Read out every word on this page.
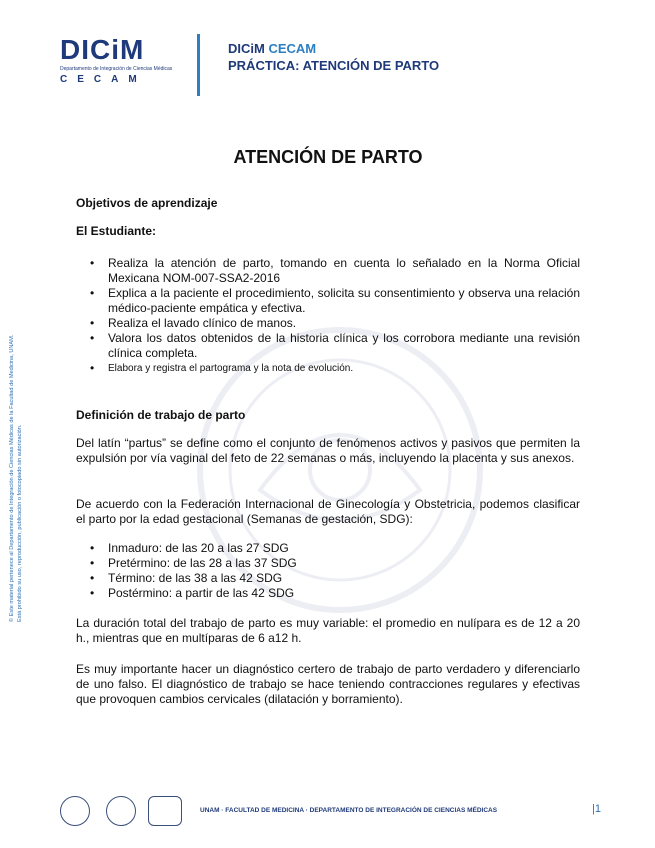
DICiM
Departamento de Integración de Ciencias Médicas
CECAM
DICiM CECAM
PRÁCTICA: ATENCIÓN DE PARTO
© Este material pertenece al Departamento de Integración de Ciencias Médicas de la Facultad de Medicina, UNAM. Está prohibido su uso, reproducción, publicación o fotocopiado sin autorización.
ATENCIÓN DE PARTO
Objetivos de aprendizaje
El Estudiante:
• Realiza la atención de parto, tomando en cuenta lo señalado en la Norma Oficial Mexicana NOM-007-SSA2-2016
• Explica a la paciente el procedimiento, solicita su consentimiento y observa una relación médico-paciente empática y efectiva.
• Realiza el lavado clínico de manos.
• Valora los datos obtenidos de la historia clínica y los corrobora mediante una revisión clínica completa.
• Elabora y registra el partograma y la nota de evolución.
Definición de trabajo de parto
Del latín “partus” se define como el conjunto de fenómenos activos y pasivos que permiten la expulsión por vía vaginal del feto de 22 semanas o más, incluyendo la placenta y sus anexos.
De acuerdo con la Federación Internacional de Ginecología y Obstetricia, podemos clasificar el parto por la edad gestacional (Semanas de gestación, SDG):
• Inmaduro: de las 20 a las 27 SDG
• Pretérmino: de las 28 a las 37 SDG
• Término: de las 38 a las 42 SDG
• Postérmino: a partir de las 42 SDG
La duración total del trabajo de parto es muy variable: el promedio en nulípara es de 12 a 20 h., mientras que en multíparas de 6 a12 h.
Es muy importante hacer un diagnóstico certero de trabajo de parto verdadero y diferenciarlo de uno falso. El diagnóstico de trabajo se hace teniendo contracciones regulares y efectivas que provoquen cambios cervicales (dilatación y borramiento).
UNAM · FACULTAD DE MEDICINA · DEPARTAMENTO DE INTEGRACIÓN DE CIENCIAS MÉDICAS	|1
